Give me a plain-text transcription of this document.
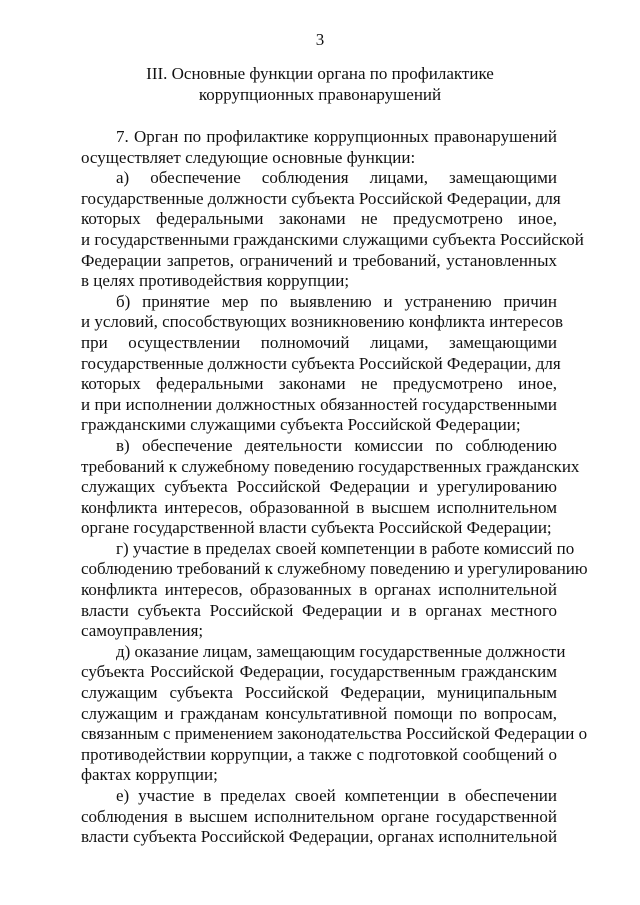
3
III. Основные функции органа по профилактике
коррупционных правонарушений
7. Орган по профилактике коррупционных правонарушений
осуществляет следующие основные функции:
а) обеспечение соблюдения лицами, замещающими
государственные должности субъекта Российской Федерации, для
которых федеральными законами не предусмотрено иное,
и государственными гражданскими служащими субъекта Российской
Федерации запретов, ограничений и требований, установленных
в целях противодействия коррупции;
б) принятие мер по выявлению и устранению причин
и условий, способствующих возникновению конфликта интересов
при осуществлении полномочий лицами, замещающими
государственные должности субъекта Российской Федерации, для
которых федеральными законами не предусмотрено иное,
и при исполнении должностных обязанностей государственными
гражданскими служащими субъекта Российской Федерации;
в) обеспечение деятельности комиссии по соблюдению
требований к служебному поведению государственных гражданских
служащих субъекта Российской Федерации и урегулированию
конфликта интересов, образованной в высшем исполнительном
органе государственной власти субъекта Российской Федерации;
г) участие в пределах своей компетенции в работе комиссий по
соблюдению требований к служебному поведению и урегулированию
конфликта интересов, образованных в органах исполнительной
власти субъекта Российской Федерации и в органах местного
самоуправления;
д) оказание лицам, замещающим государственные должности
субъекта Российской Федерации, государственным гражданским
служащим субъекта Российской Федерации, муниципальным
служащим и гражданам консультативной помощи по вопросам,
связанным с применением законодательства Российской Федерации о
противодействии коррупции, а также с подготовкой сообщений о
фактах коррупции;
е) участие в пределах своей компетенции в обеспечении
соблюдения в высшем исполнительном органе государственной
власти субъекта Российской Федерации, органах исполнительной
